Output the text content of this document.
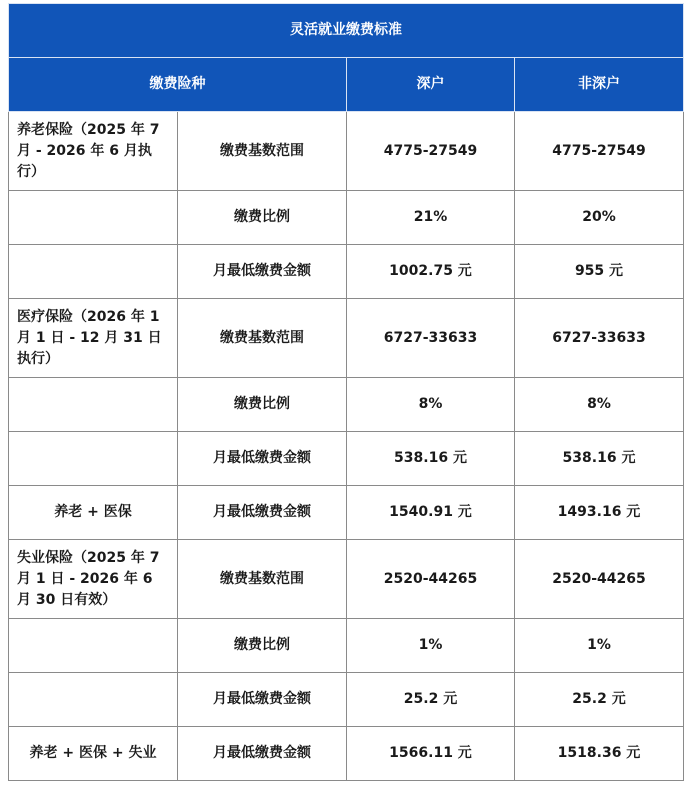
灵活就业缴费标准			
缴费险种		深户	非深户
养老保险（2025 年 7 月 - 2026 年 6 月执行）	缴费基数范围	4775-27549	4775-27549
	缴费比例	21%	20%
	月最低缴费金额	1002.75 元	955 元
医疗保险（2026 年 1 月 1 日 - 12 月 31 日执行）	缴费基数范围	6727-33633	6727-33633
	缴费比例	8%	8%
	月最低缴费金额	538.16 元	538.16 元
养老 + 医保	月最低缴费金额	1540.91 元	1493.16 元
失业保险（2025 年 7 月 1 日 - 2026 年 6 月 30 日有效）	缴费基数范围	2520-44265	2520-44265
	缴费比例	1%	1%
	月最低缴费金额	25.2 元	25.2 元
养老 + 医保 + 失业	月最低缴费金额	1566.11 元	1518.36 元
